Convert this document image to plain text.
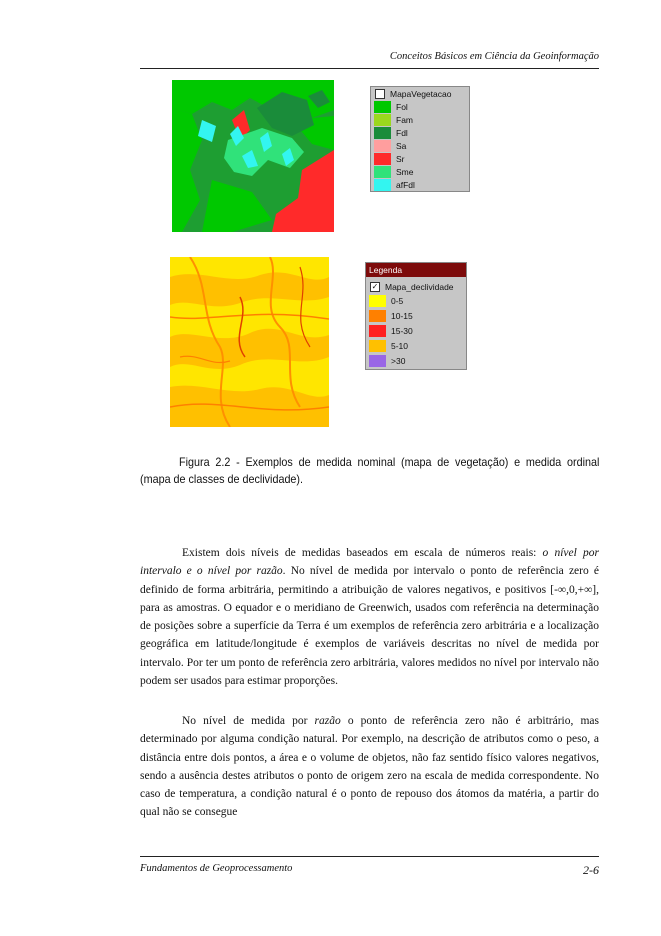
Conceitos Básicos em Ciência da Geoinformação
MapaVegetacao
Fol
Fam
Fdl
Sa
Sr
Sme
afFdl
Legenda
✓ Mapa_declividade
0-5
10-15
15-30
5-10
>30

Figura 2.2 - Exemplos de medida nominal (mapa de vegetação) e medida ordinal (mapa de classes de declividade).

Existem dois níveis de medidas baseados em escala de números reais: o nível por intervalo e o nível por razão. No nível de medida por intervalo o ponto de referência zero é definido de forma arbitrária, permitindo a atribuição de valores negativos, e positivos [-∞,0,+∞], para as amostras. O equador e o meridiano de Greenwich, usados com referência na determinação de posições sobre a superfície da Terra é um exemplos de referência zero arbitrária e a localização geográfica em latitude/longitude é exemplos de variáveis descritas no nível de medida por intervalo. Por ter um ponto de referência zero arbitrária, valores medidos no nível por intervalo não podem ser usados para estimar proporções.

No nível de medida por razão o ponto de referência zero não é arbitrário, mas determinado por alguma condição natural. Por exemplo, na descrição de atributos como o peso, a distância entre dois pontos, a área e o volume de objetos, não faz sentido físico valores negativos, sendo a ausência destes atributos o ponto de origem zero na escala de medida correspondente. No caso de temperatura, a condição natural é o ponto de repouso dos átomos da matéria, a partir do qual não se consegue

Fundamentos de Geoprocessamento	2-6
